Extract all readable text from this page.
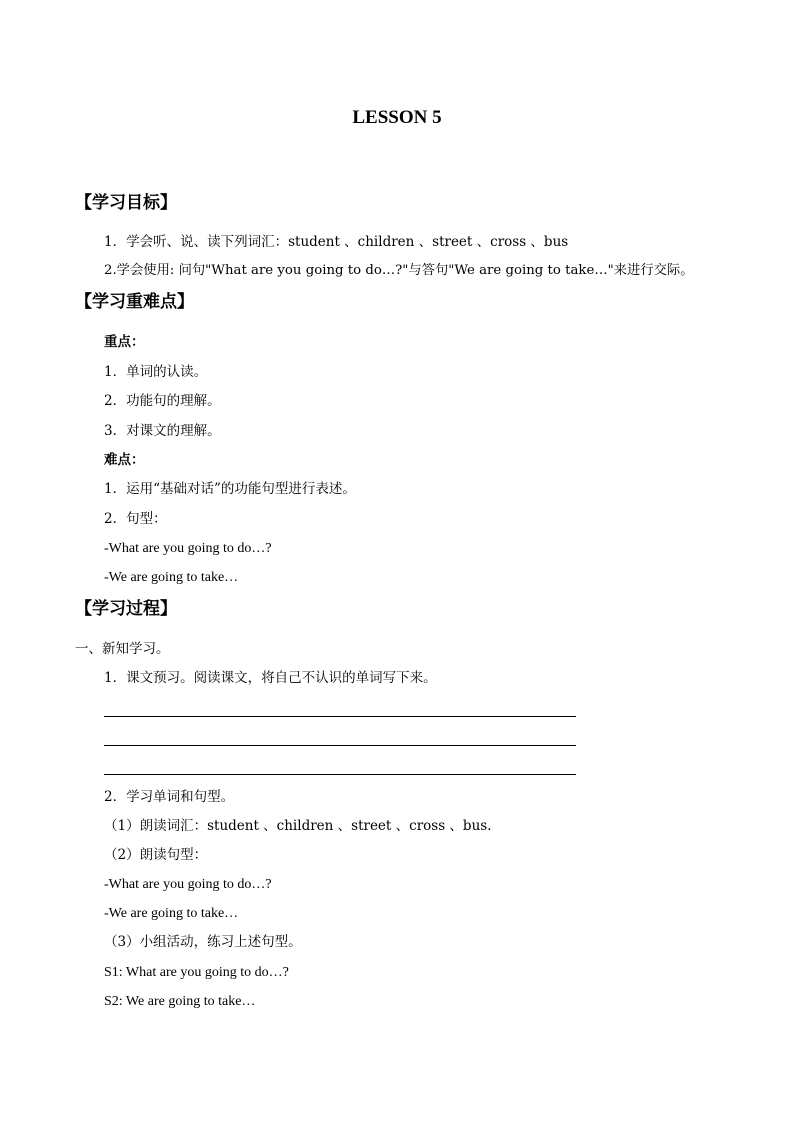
LESSON 5
【学习目标】
1．学会听、说、读下列词汇：student 、children 、street 、cross 、bus
2.学会使用: 问句"What are you going to do…?"与答句"We are going to take…"来进行交际。
【学习重难点】
重点：
1．单词的认读。
2．功能句的理解。
3．对课文的理解。
难点：
1．运用“基础对话”的功能句型进行表述。
2．句型：
-What are you going to do…?
-We are going to take…
【学习过程】
一、新知学习。
1．课文预习。阅读课文，将自己不认识的单词写下来。
2．学习单词和句型。
（1）朗读词汇：student 、children 、street 、cross 、bus.
（2）朗读句型：
-What are you going to do…?
-We are going to take…
（3）小组活动，练习上述句型。
S1: What are you going to do…?
S2: We are going to take…
